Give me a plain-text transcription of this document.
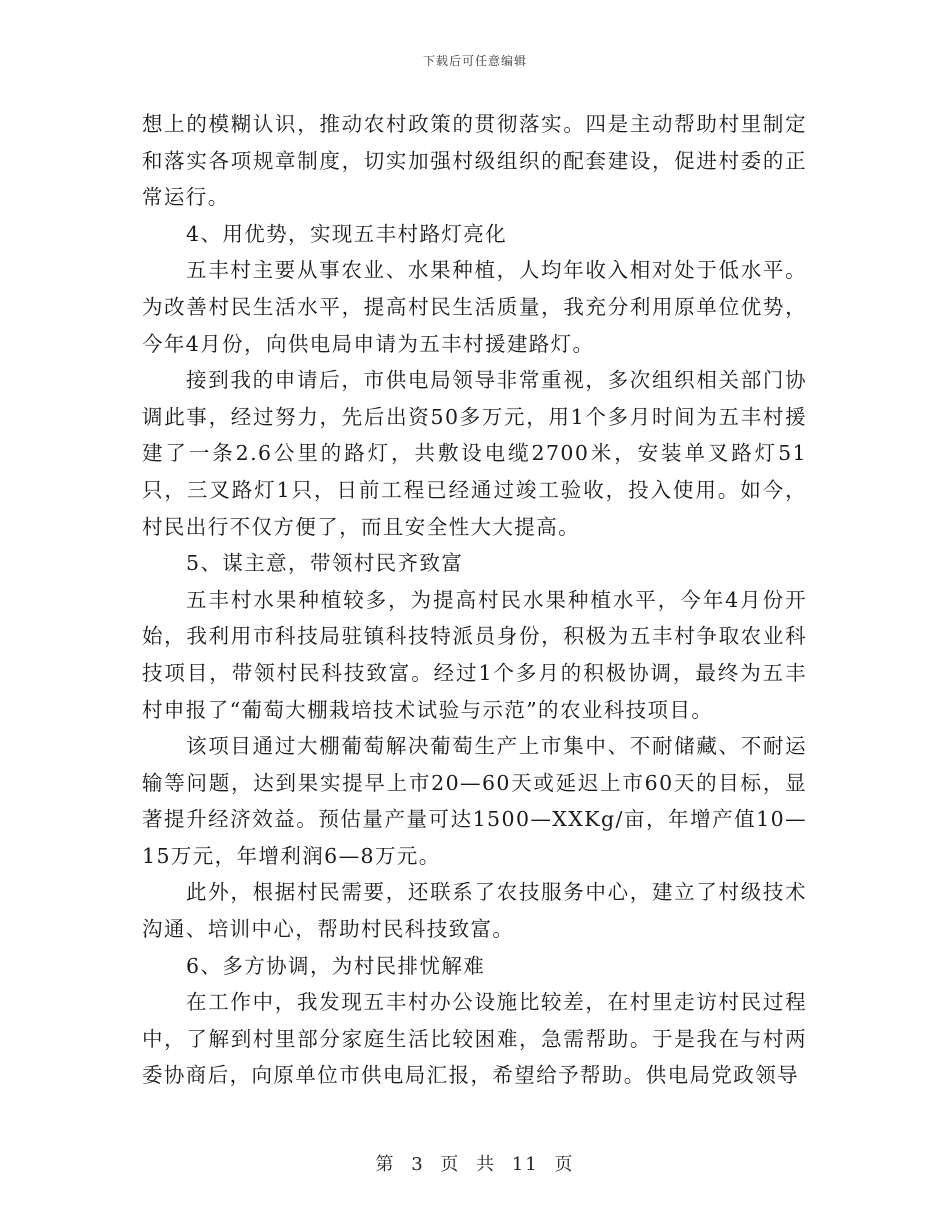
下载后可任意编辑

想上的模糊认识，推动农村政策的贯彻落实。四是主动帮助村里制定和落实各项规章制度，切实加强村级组织的配套建设，促进村委的正常运行。

4、用优势，实现五丰村路灯亮化

五丰村主要从事农业、水果种植，人均年收入相对处于低水平。为改善村民生活水平，提高村民生活质量，我充分利用原单位优势，今年4月份，向供电局申请为五丰村援建路灯。

接到我的申请后，市供电局领导非常重视，多次组织相关部门协调此事，经过努力，先后出资50多万元，用1个多月时间为五丰村援建了一条2.6公里的路灯，共敷设电缆2700米，安装单叉路灯51只，三叉路灯1只，日前工程已经通过竣工验收，投入使用。如今，村民出行不仅方便了，而且安全性大大提高。

5、谋主意，带领村民齐致富

五丰村水果种植较多，为提高村民水果种植水平，今年4月份开始，我利用市科技局驻镇科技特派员身份，积极为五丰村争取农业科技项目，带领村民科技致富。经过1个多月的积极协调，最终为五丰村申报了“葡萄大棚栽培技术试验与示范”的农业科技项目。

该项目通过大棚葡萄解决葡萄生产上市集中、不耐储藏、不耐运输等问题，达到果实提早上市20—60天或延迟上市60天的目标，显著提升经济效益。预估量产量可达1500—XXKg/亩，年增产值10—15万元，年增利润6—8万元。

此外，根据村民需要，还联系了农技服务中心，建立了村级技术沟通、培训中心，帮助村民科技致富。

6、多方协调，为村民排忧解难

在工作中，我发现五丰村办公设施比较差，在村里走访村民过程中，了解到村里部分家庭生活比较困难，急需帮助。于是我在与村两委协商后，向原单位市供电局汇报，希望给予帮助。供电局党政领导

第 3 页 共 11 页
